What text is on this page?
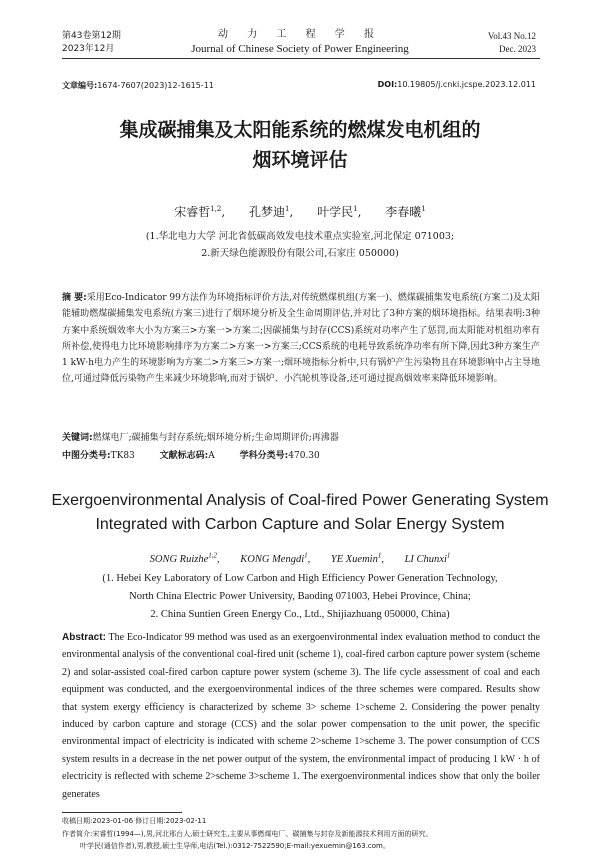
第43卷第12期
2023年12月
动 力 工 程 学 报
Journal of Chinese Society of Power Engineering
Vol.43 No.12
Dec. 2023
文章编号:1674-7607(2023)12-1615-11	DOI:10.19805/j.cnki.jcspe.2023.12.011
集成碳捕集及太阳能系统的燃煤发电机组的
烟环境评估
宋睿哲$^{1,2}$, 孔梦迪$^1$, 叶学民$^1$, 李春曦$^1$
(1.华北电力大学 河北省低碳高效发电技术重点实验室,河北保定 071003;
2.新天绿色能源股份有限公司,石家庄 050000)
摘 要:采用Eco-Indicator 99方法作为环境指标评价方法,对传统燃煤机组(方案一)、燃煤碳捕集发电系统(方案二)及太阳能辅助燃煤碳捕集发电系统(方案三)进行了烟环境分析及全生命周期评估,并对比了3种方案的烟环境指标。结果表明:3种方案中系统烟效率大小为方案三>方案一>方案二;因碳捕集与封存(CCS)系统对功率产生了惩罚,而太阳能对机组功率有所补偿,使得电力比环境影响排序为方案二>方案一>方案三;CCS系统的电耗导致系统净功率有所下降,因此3种方案生产1 kW·h电力产生的环境影响为方案二>方案三>方案一;烟环境指标分析中,只有锅炉产生污染物且在环境影响中占主导地位,可通过降低污染物产生来减少环境影响,而对于锅炉、小汽轮机等设备,还可通过提高烟效率来降低环境影响。
关键词:燃煤电厂;碳捕集与封存系统;烟环境分析;生命周期评价;再沸器
中图分类号:TK83	文献标志码:A	学科分类号:470.30
Exergoenvironmental Analysis of Coal-fired Power Generating System
Integrated with Carbon Capture and Solar Energy System
SONG Ruizhe$^{1,2}$, KONG Mengdi$^1$, YE Xuemin$^1$, LI Chunxi$^1$
(1. Hebei Key Laboratory of Low Carbon and High Efficiency Power Generation Technology,
North China Electric Power University, Baoding 071003, Hebei Province, China;
2. China Suntien Green Energy Co., Ltd., Shijiazhuang 050000, China)
Abstract: The Eco-Indicator 99 method was used as an exergoenvironmental index evaluation method to conduct the environmental analysis of the conventional coal-fired unit (scheme 1), coal-fired carbon capture power system (scheme 2) and solar-assisted coal-fired carbon capture power system (scheme 3). The life cycle assessment of coal and each equipment was conducted, and the exergoenvironmental indices of the three schemes were compared. Results show that system exergy efficiency is characterized by scheme 3> scheme 1>scheme 2. Considering the power penalty induced by carbon capture and storage (CCS) and the solar power compensation to the unit power, the specific environmental impact of electricity is indicated with scheme 2>scheme 1>scheme 3. The power consumption of CCS system results in a decrease in the net power output of the system, the environmental impact of producing 1 kW · h of electricity is reflected with scheme 2>scheme 3>scheme 1. The exergoenvironmental indices show that only the boiler generates
收稿日期:2023-01-06 修订日期:2023-02-11
作者简介:宋睿哲(1994—),男,河北邢台人,硕士研究生,主要从事燃煤电厂、碳捕集与封存及新能源技术利用方面的研究。
叶学民(通信作者),男,教授,硕士生导师,电话(Tel.):0312-7522590;E-mail:yexuemin@163.com。
